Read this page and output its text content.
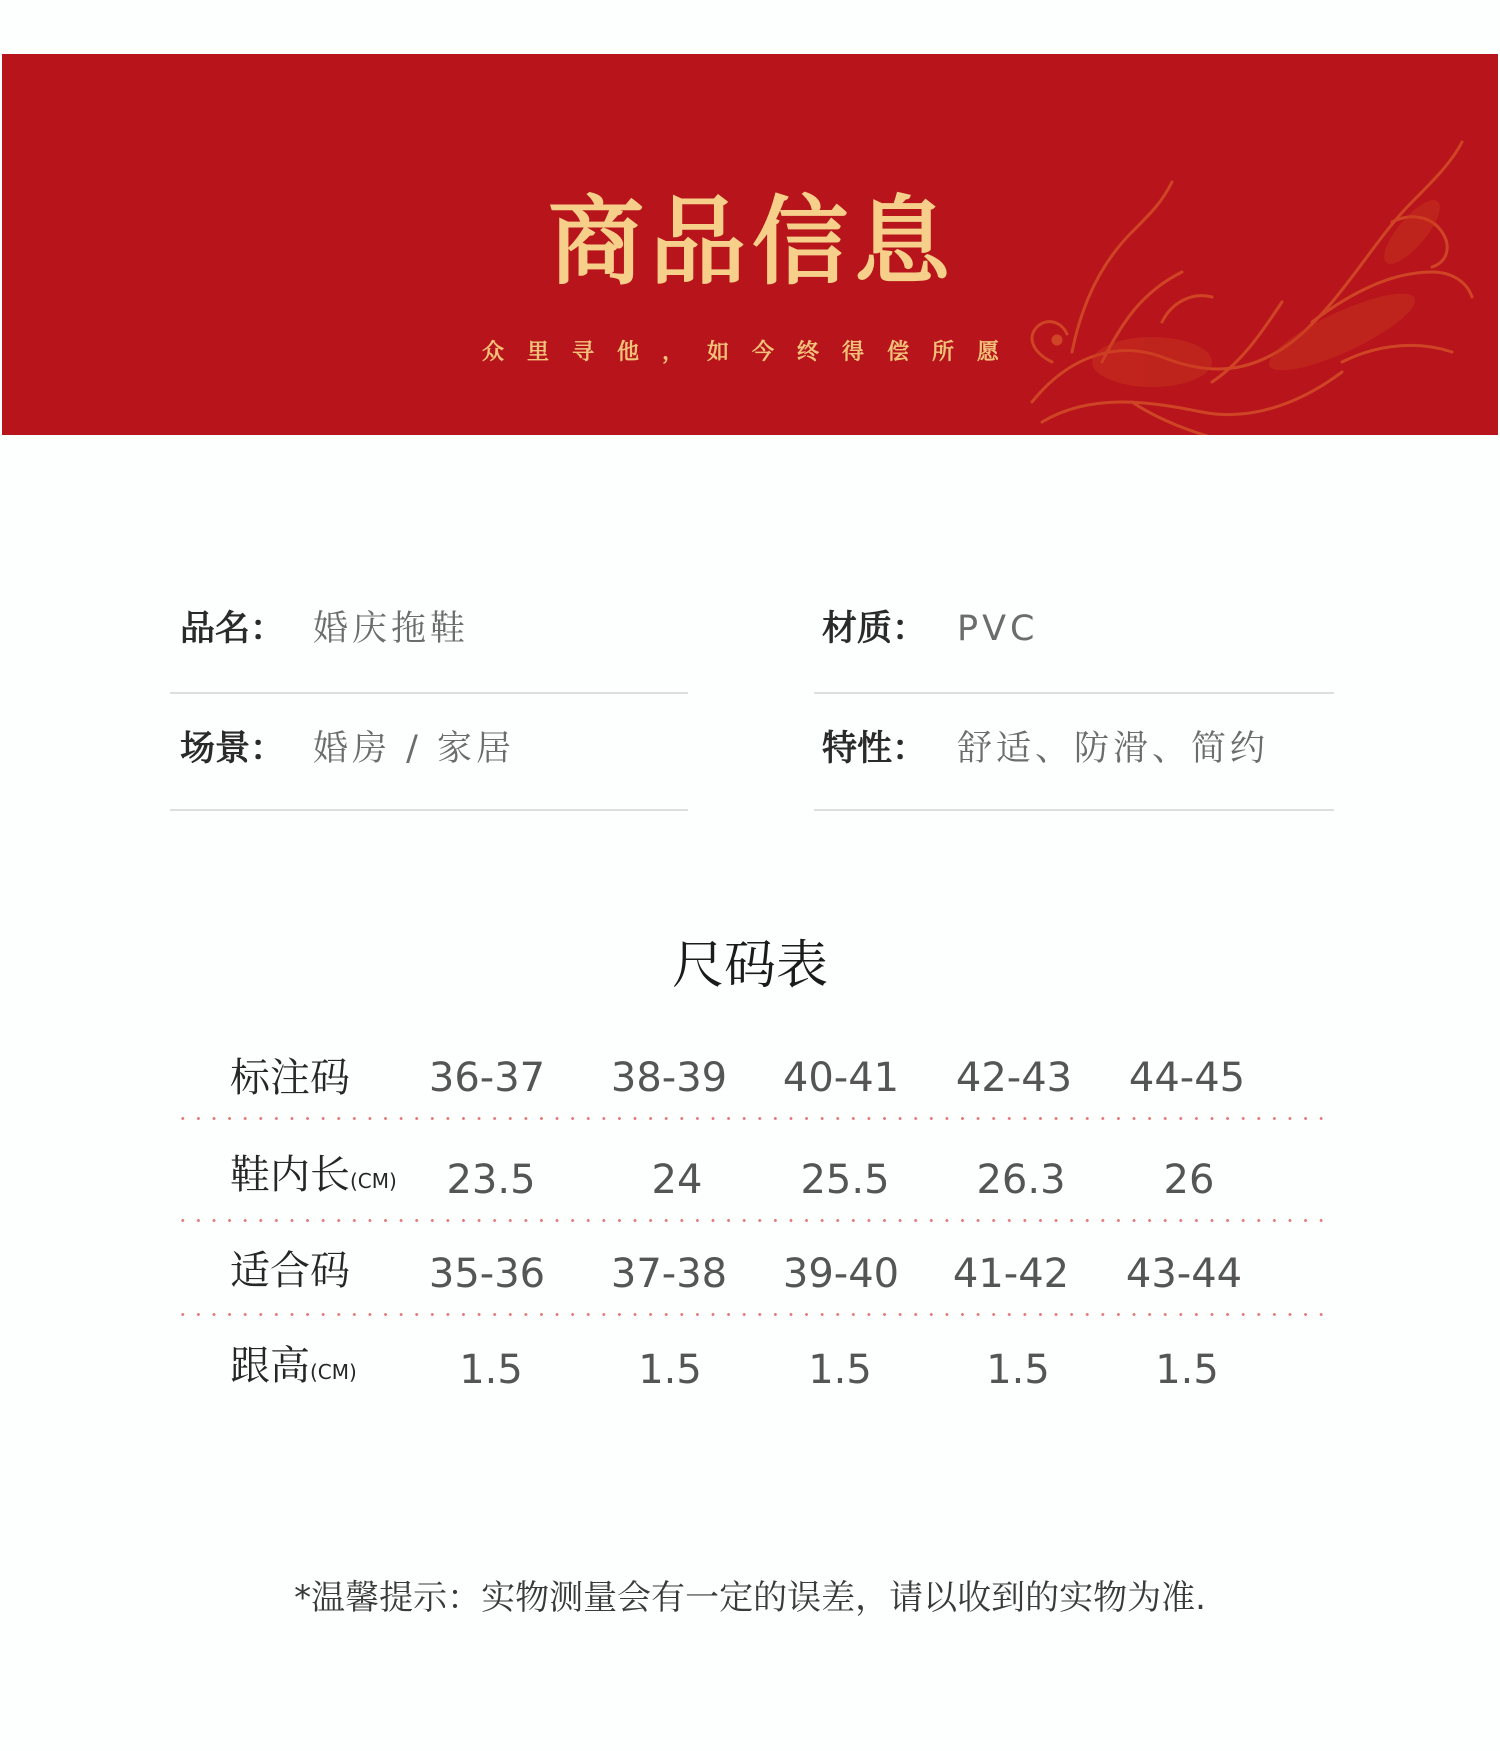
商品信息
众里寻他，如今终得偿所愿
品名： 婚庆拖鞋	材质： PVC
场景： 婚房 / 家居	特性： 舒适、防滑、简约
尺码表
标注码	36-37	38-39	40-41	42-43	44-45
鞋内长(CM)	23.5	24	25.5	26.3	26
适合码	35-36	37-38	39-40	41-42	43-44
跟高(CM)	1.5	1.5	1.5	1.5	1.5
*温馨提示：实物测量会有一定的误差，请以收到的实物为准.
